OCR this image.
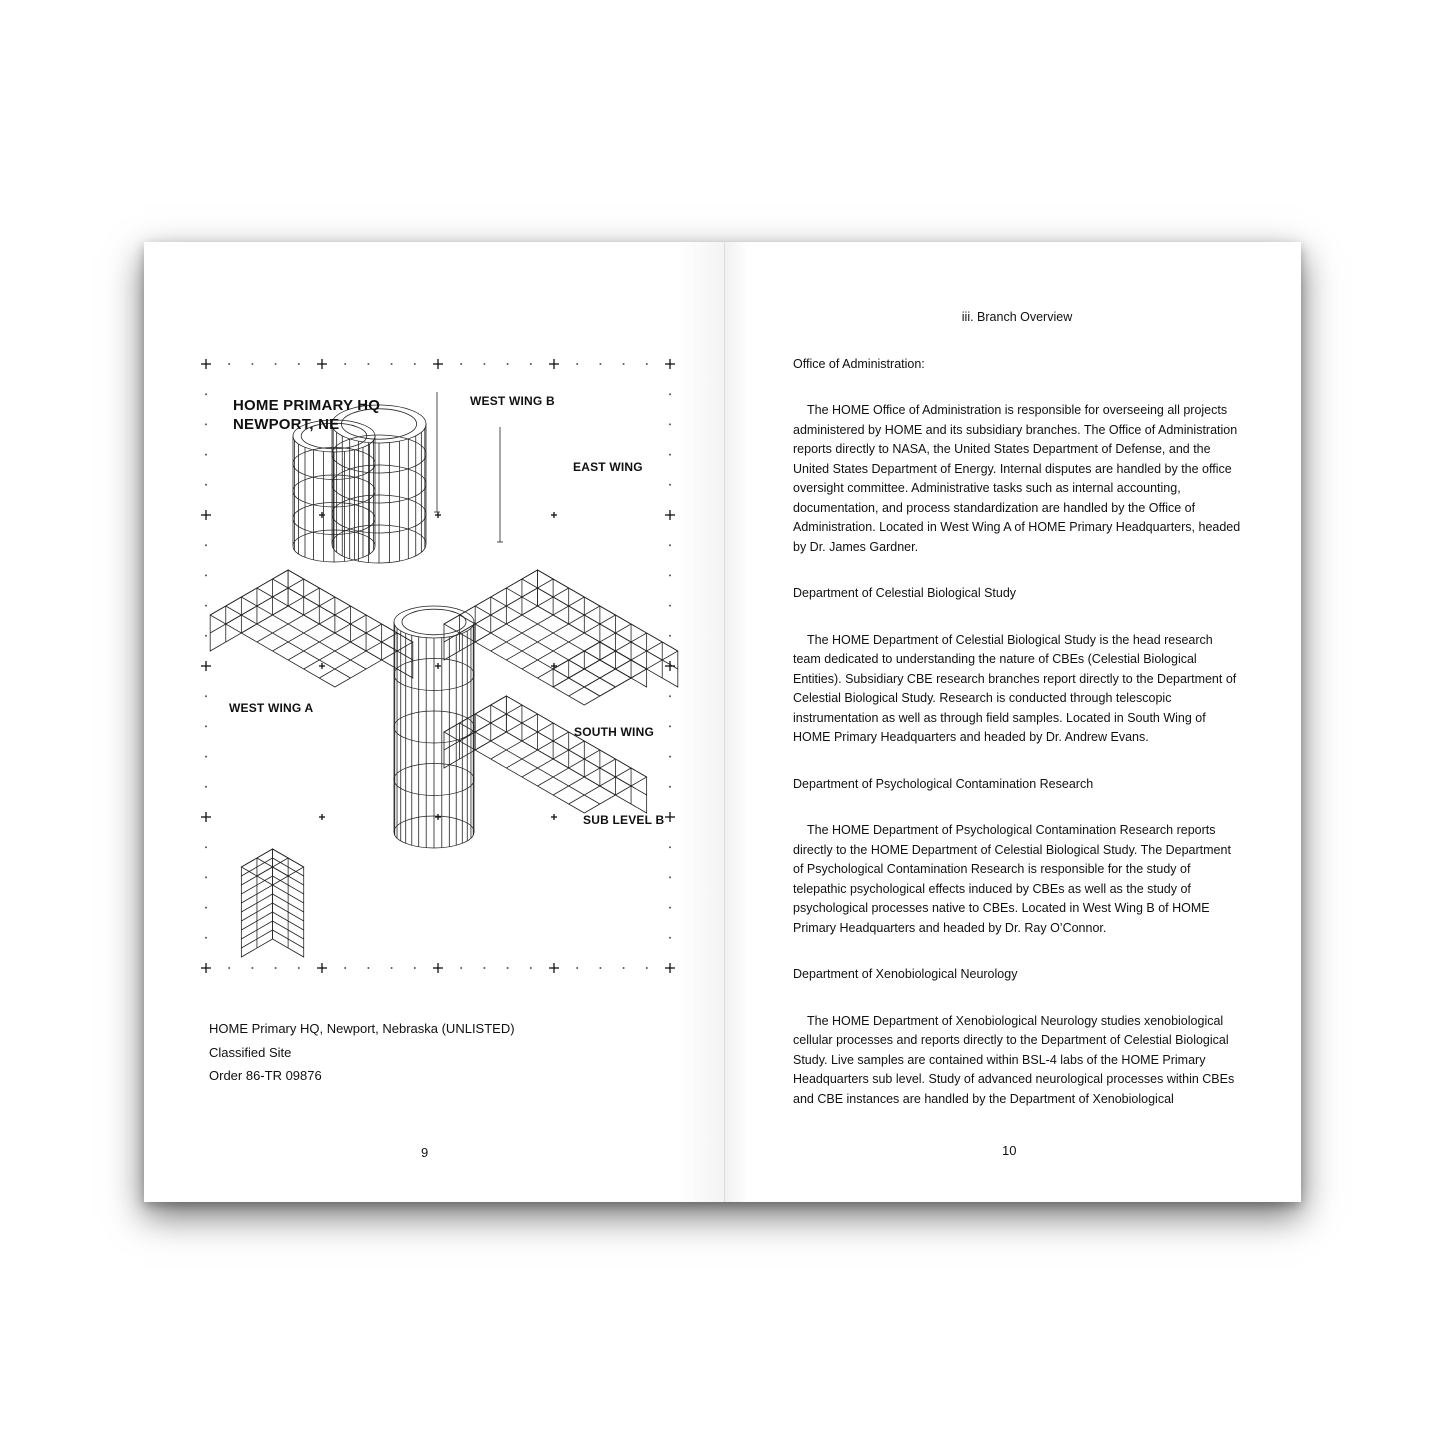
HOME PRIMARY HQ
NEWPORT, NE
WEST WING B
EAST WING
WEST WING A
SOUTH WING
SUB LEVEL B
HOME Primary HQ, Newport, Nebraska (UNLISTED)
Classified Site
Order 86-TR 09876
9
iii. Branch Overview

Office of Administration:

The HOME Office of Administration is responsible for overseeing all projects administered by HOME and its subsidiary branches. The Office of Administration reports directly to NASA, the United States Department of Defense, and the United States Department of Energy. Internal disputes are handled by the office oversight committee. Administrative tasks such as internal accounting, documentation, and process standardization are handled by the Office of Administration. Located in West Wing A of HOME Primary Headquarters, headed by Dr. James Gardner.

Department of Celestial Biological Study

The HOME Department of Celestial Biological Study is the head research team dedicated to understanding the nature of CBEs (Celestial Biological Entities). Subsidiary CBE research branches report directly to the Department of Celestial Biological Study. Research is conducted through telescopic instrumentation as well as through field samples. Located in South Wing of HOME Primary Headquarters and headed by Dr. Andrew Evans.

Department of Psychological Contamination Research

The HOME Department of Psychological Contamination Research reports directly to the HOME Department of Celestial Biological Study. The Department of Psychological Contamination Research is responsible for the study of telepathic psychological effects induced by CBEs as well as the study of psychological processes native to CBEs. Located in West Wing B of HOME Primary Headquarters and headed by Dr. Ray O’Connor.

Department of Xenobiological Neurology

The HOME Department of Xenobiological Neurology studies xenobiological cellular processes and reports directly to the Department of Celestial Biological Study. Live samples are contained within BSL-4 labs of the HOME Primary Headquarters sub level. Study of advanced neurological processes within CBEs and CBE instances are handled by the Department of Xenobiological

10
